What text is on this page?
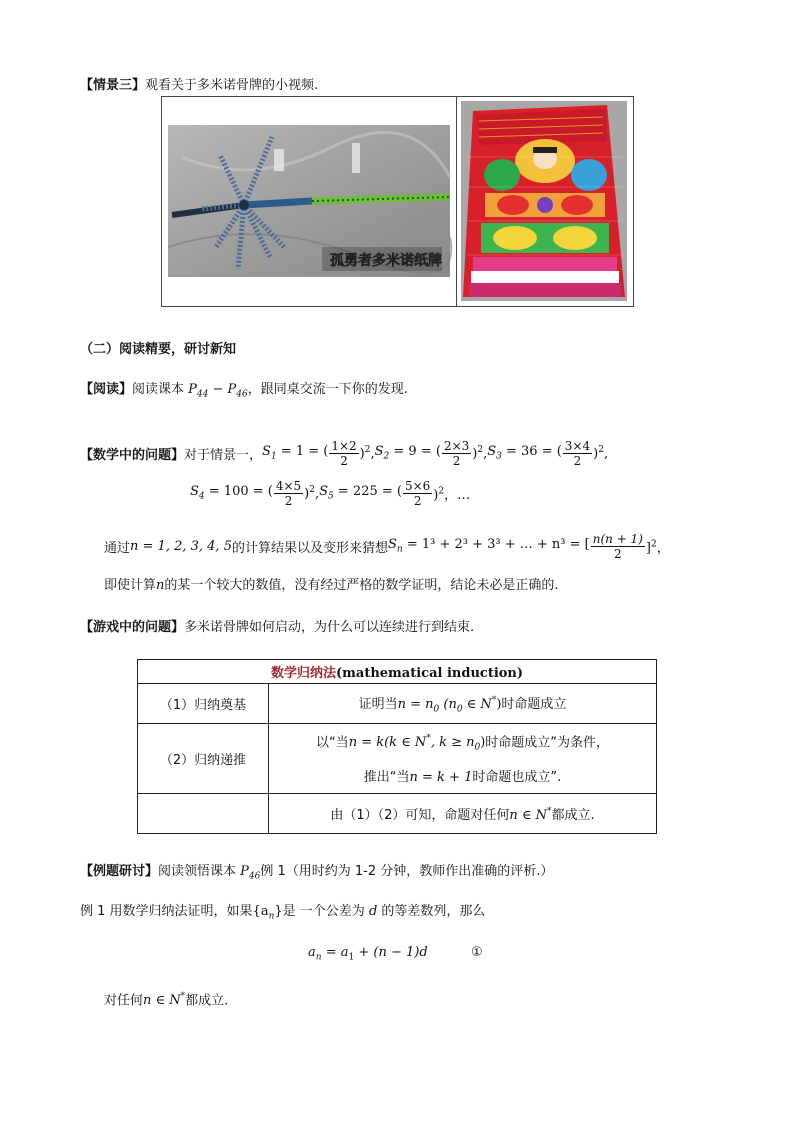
【情景三】观看关于多米诺骨牌的小视频.
孤勇者多米诺纸牌
（二）阅读精要，研讨新知
【阅读】阅读课本 $P_{44} - P_{46}$，跟同桌交流一下你的发现.
【数学中的问题】 对于情景一， $S_1 = 1$ = ( $\frac{1\times 2}{2} )^2$, $S_2 = 9$ = ( $\frac{2\times 3}{2} )^2$, $S_3 = 36$ = ( $\frac{3\times 4}{2} )^2$,
$S_4 = 100$ = ( $\frac{4\times 5}{2} )^2$, $S_5 = 225$ = ( $\frac{5\times 6}{2} )^2$，…
通过 n = 1, 2, 3, 4, 5 的计算结果以及变形来猜想 $S_n = 1^3 + 2^3 + 3^3$ + … + n³ = [ $\frac{n(n + 1)}{2} ]^2$，
即使计算n的某一个较大的数值，没有经过严格的数学证明，结论未必是正确的.
【游戏中的问题】多米诺骨牌如何启动，为什么可以连续进行到结束.
数学归纳法(mathematical induction)	
（1）归纳奠基	证明当$n = n_0$ ($n_0$ ∈ N*)时命题成立
（2）归纳递推	以“当n = k(k ∈ N*, $k \ge n_0$)时命题成立”为条件，
推出“当n = k + 1时命题也成立”.

	由（1）（2）可知，命题对任何n ∈ N*都成立.
【例题研讨】阅读领悟课本 $P_{46}$例 1（用时约为 1-2 分钟，教师作出准确的评析.）
例 1 用数学归纳法证明，如果$\{a_n\}$是 一个公差为 d 的等差数列，那么
$a_n = a_1 + (n - 1)d$	①
对任何n ∈ N*都成立.
